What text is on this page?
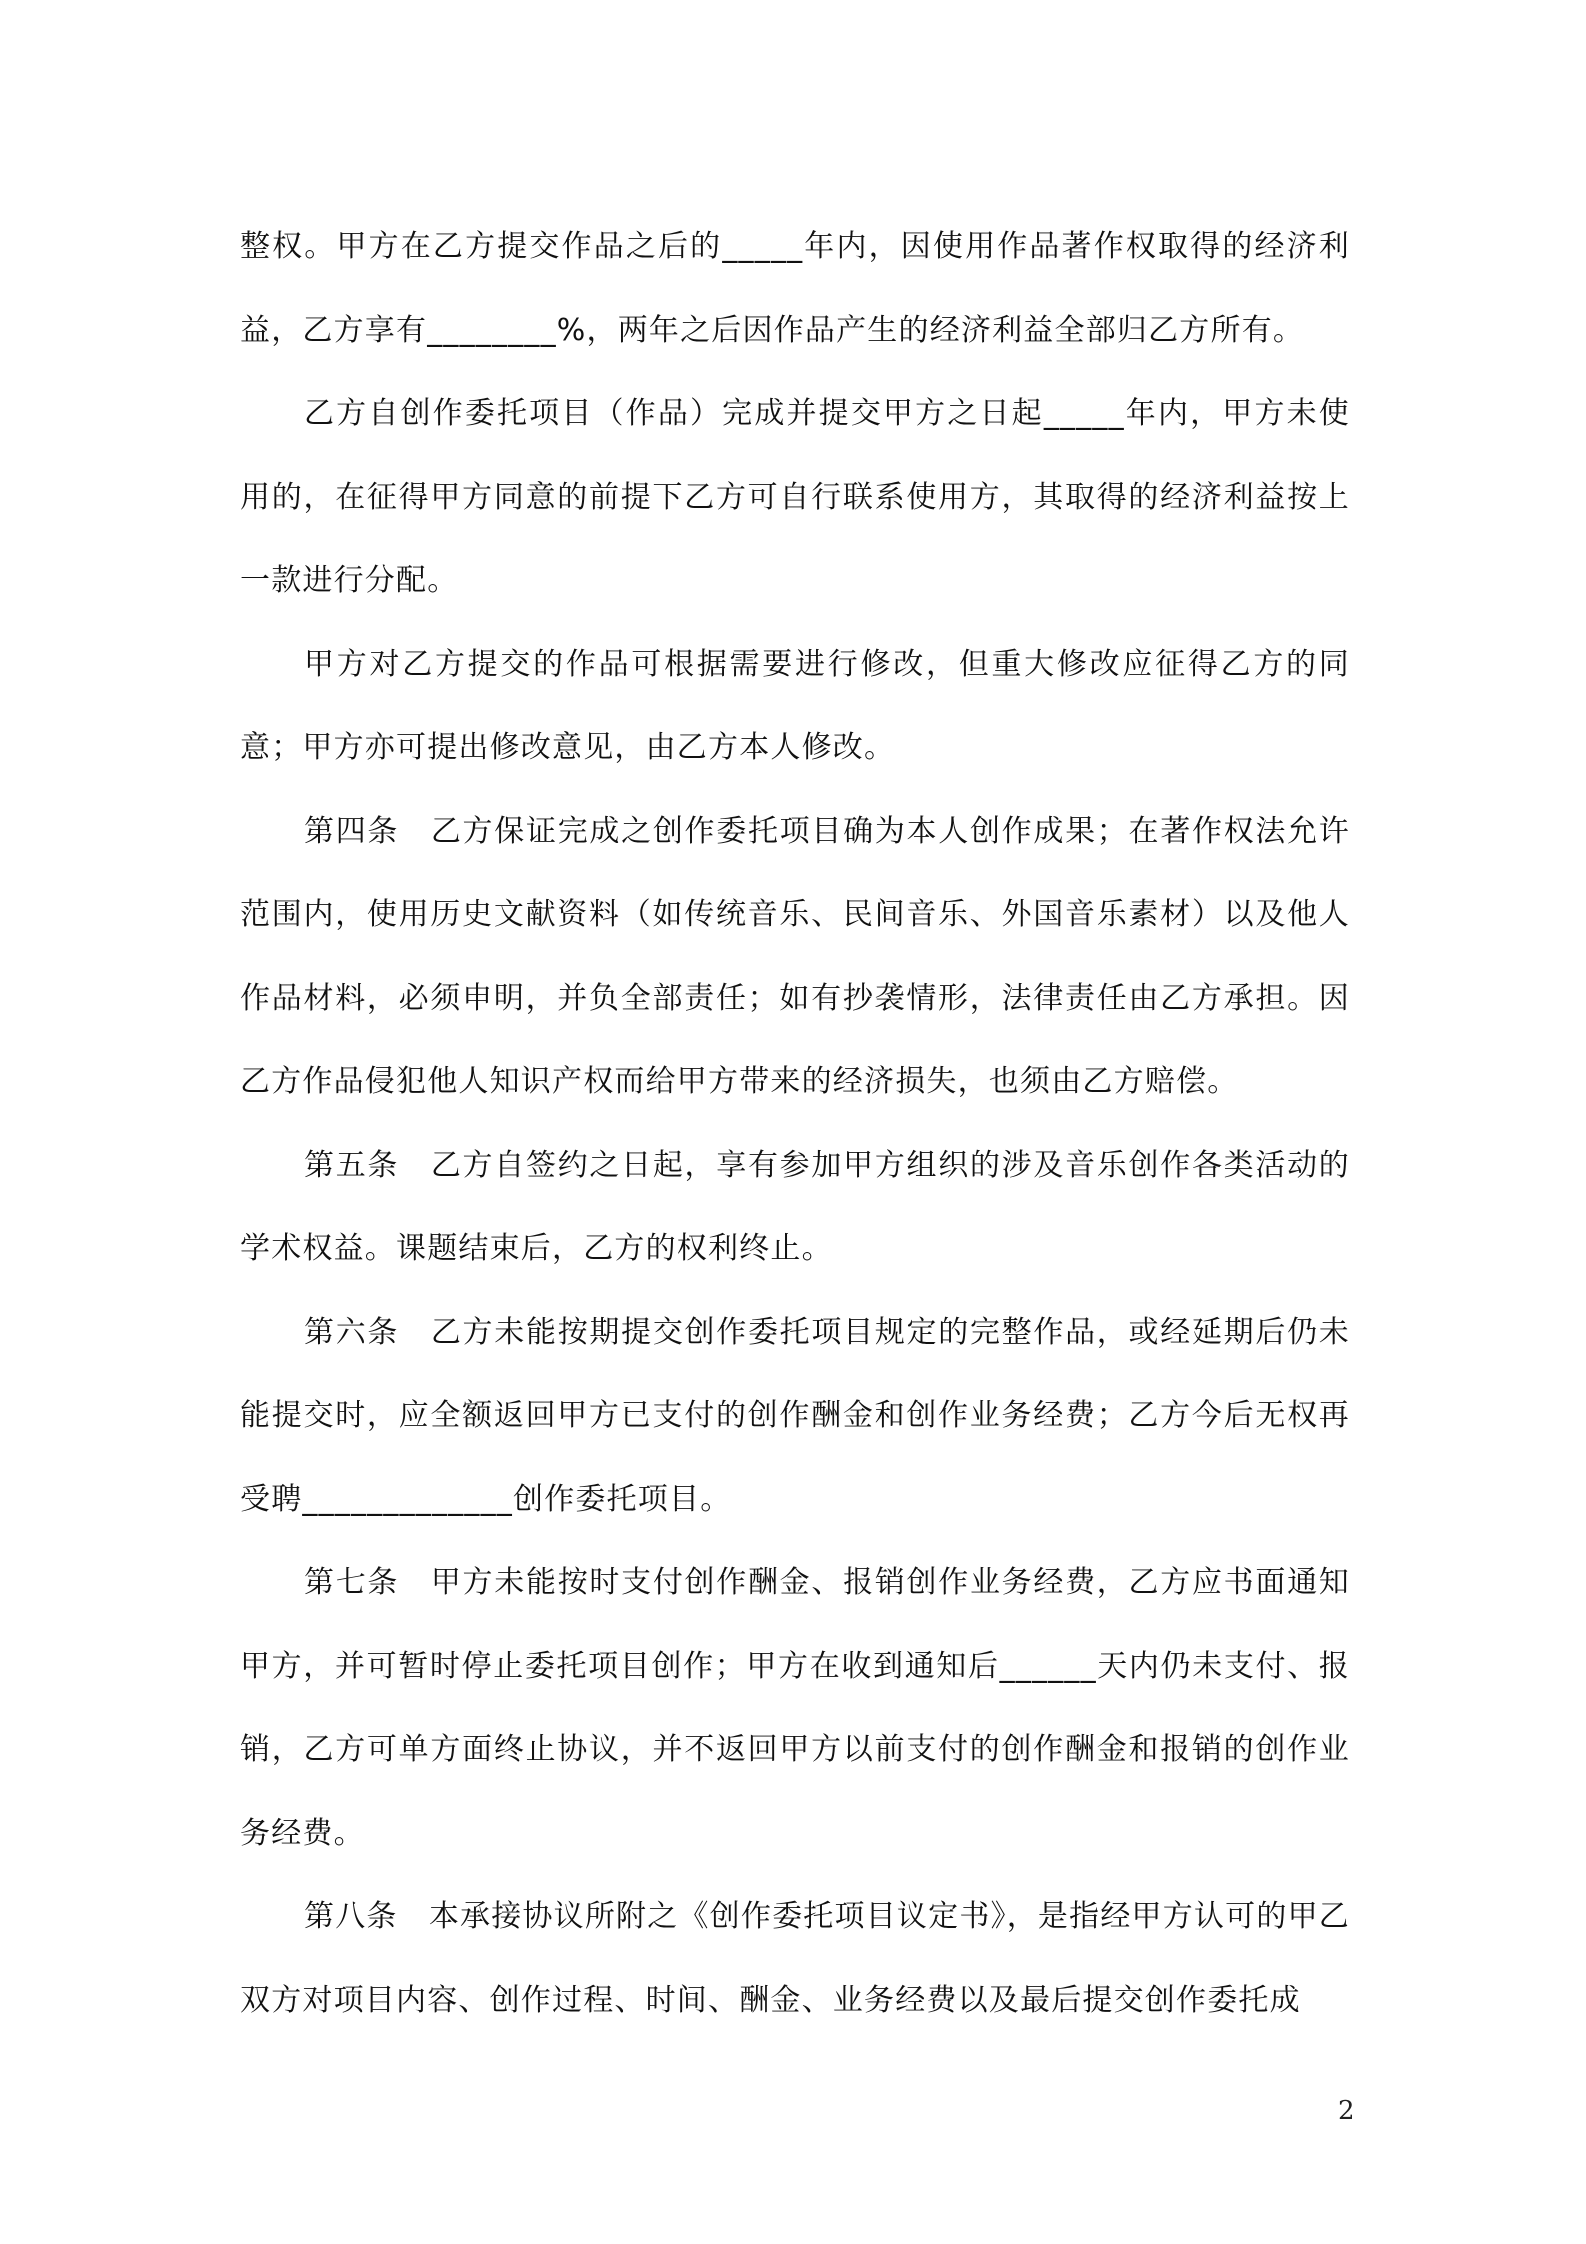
整权。甲方在乙方提交作品之后的_____年内，因使用作品著作权取得的经济利益，乙方享有________%，两年之后因作品产生的经济利益全部归乙方所有。

乙方自创作委托项目（作品）完成并提交甲方之日起_____年内，甲方未使用的，在征得甲方同意的前提下乙方可自行联系使用方，其取得的经济利益按上一款进行分配。

甲方对乙方提交的作品可根据需要进行修改，但重大修改应征得乙方的同意；甲方亦可提出修改意见，由乙方本人修改。

第四条　乙方保证完成之创作委托项目确为本人创作成果；在著作权法允许范围内，使用历史文献资料（如传统音乐、民间音乐、外国音乐素材）以及他人作品材料，必须申明，并负全部责任；如有抄袭情形，法律责任由乙方承担。因乙方作品侵犯他人知识产权而给甲方带来的经济损失，也须由乙方赔偿。

第五条　乙方自签约之日起，享有参加甲方组织的涉及音乐创作各类活动的学术权益。课题结束后，乙方的权利终止。

第六条　乙方未能按期提交创作委托项目规定的完整作品，或经延期后仍未能提交时，应全额返回甲方已支付的创作酬金和创作业务经费；乙方今后无权再受聘_____________创作委托项目。

第七条　甲方未能按时支付创作酬金、报销创作业务经费，乙方应书面通知甲方，并可暂时停止委托项目创作；甲方在收到通知后______天内仍未支付、报销，乙方可单方面终止协议，并不返回甲方以前支付的创作酬金和报销的创作业务经费。

第八条　本承接协议所附之《创作委托项目议定书》，是指经甲方认可的甲乙双方对项目内容、创作过程、时间、酬金、业务经费以及最后提交创作委托成

2
